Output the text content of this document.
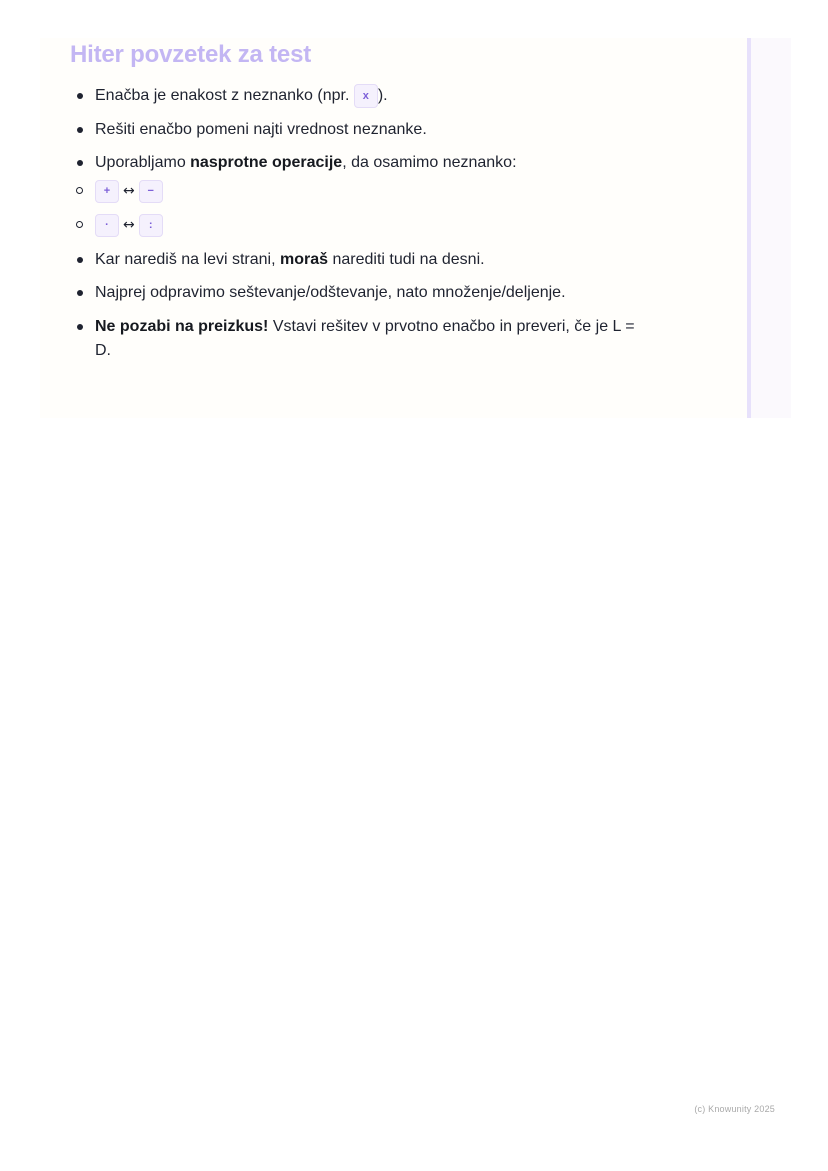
Hiter povzetek za test
Enačba je enakost z neznanko (npr. x ).
Rešiti enačbo pomeni najti vrednost neznanke.
Uporabljamo nasprotne operacije, da osamimo neznanko:
+ ↔ −
· ↔ :
Kar narediš na levi strani, moraš narediti tudi na desni.
Najprej odpravimo seštevanje/odštevanje, nato množenje/deljenje.
Ne pozabi na preizkus! Vstavi rešitev v prvotno enačbo in preveri, če je L = D.
(c) Knowunity 2025
